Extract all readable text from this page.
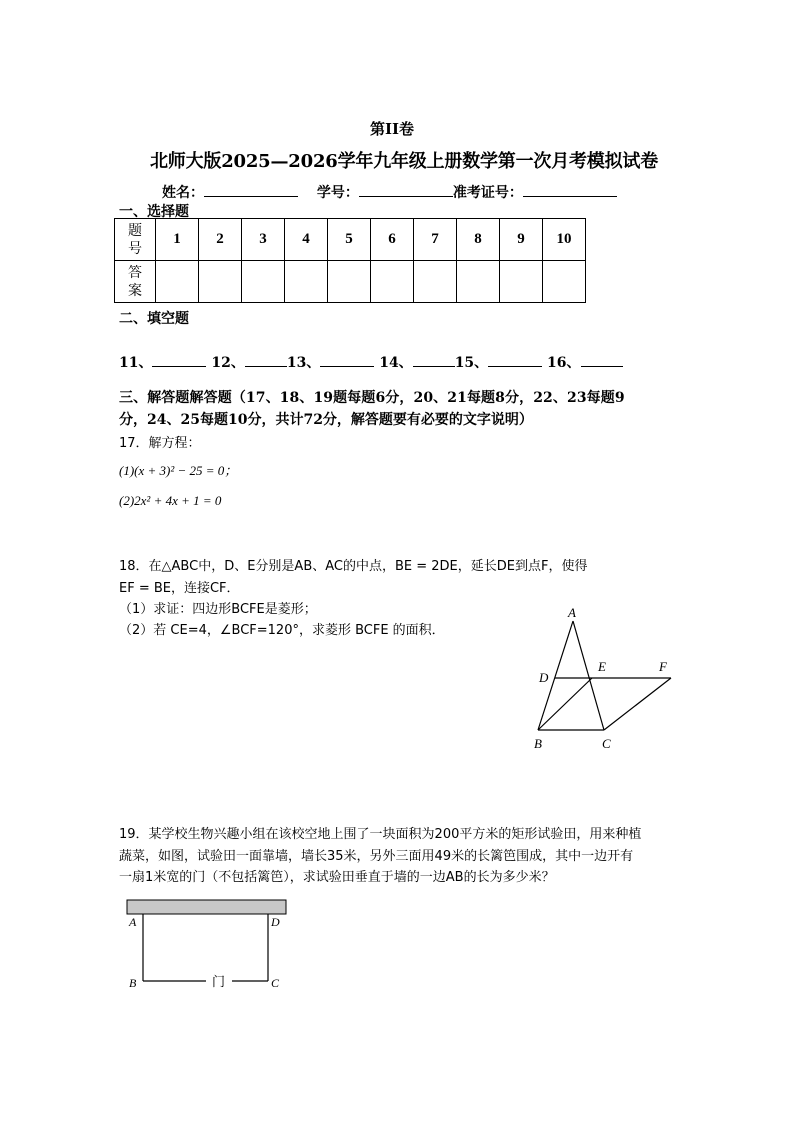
第II卷
北师大版2025—2026学年九年级上册数学第一次月考模拟试卷
姓名：	学号：	准考证号：
一、选择题
题号	1	2	3	4	5	6	7	8	9	10
答案										
二、填空题
11、	12、	13、	14、	15、	16、
三、解答题解答题（17、18、19题每题6分，20、21每题8分，22、23每题9
分，24、25每题10分，共计72分，解答题要有必要的文字说明）
17．解方程：
(1)(x + 3)² − 25 = 0；
(2)2x² + 4x + 1 = 0
18．在△ABC中，D、E分别是AB、AC的中点，BE = 2DE，延长DE到点F，使得
EF = BE，连接CF．
（1）求证：四边形BCFE是菱形；
（2）若 CE=4，∠BCF=120°，求菱形 BCFE 的面积．
A
D
E	F
B	C
19．某学校生物兴趣小组在该校空地上围了一块面积为200平方米的矩形试验田，用来种植
蔬菜，如图，试验田一面靠墙，墙长35米，另外三面用49米的长篱笆围成，其中一边开有
一扇1米宽的门（不包括篱笆），求试验田垂直于墙的一边AB的长为多少米？
A	D
B	C
门
